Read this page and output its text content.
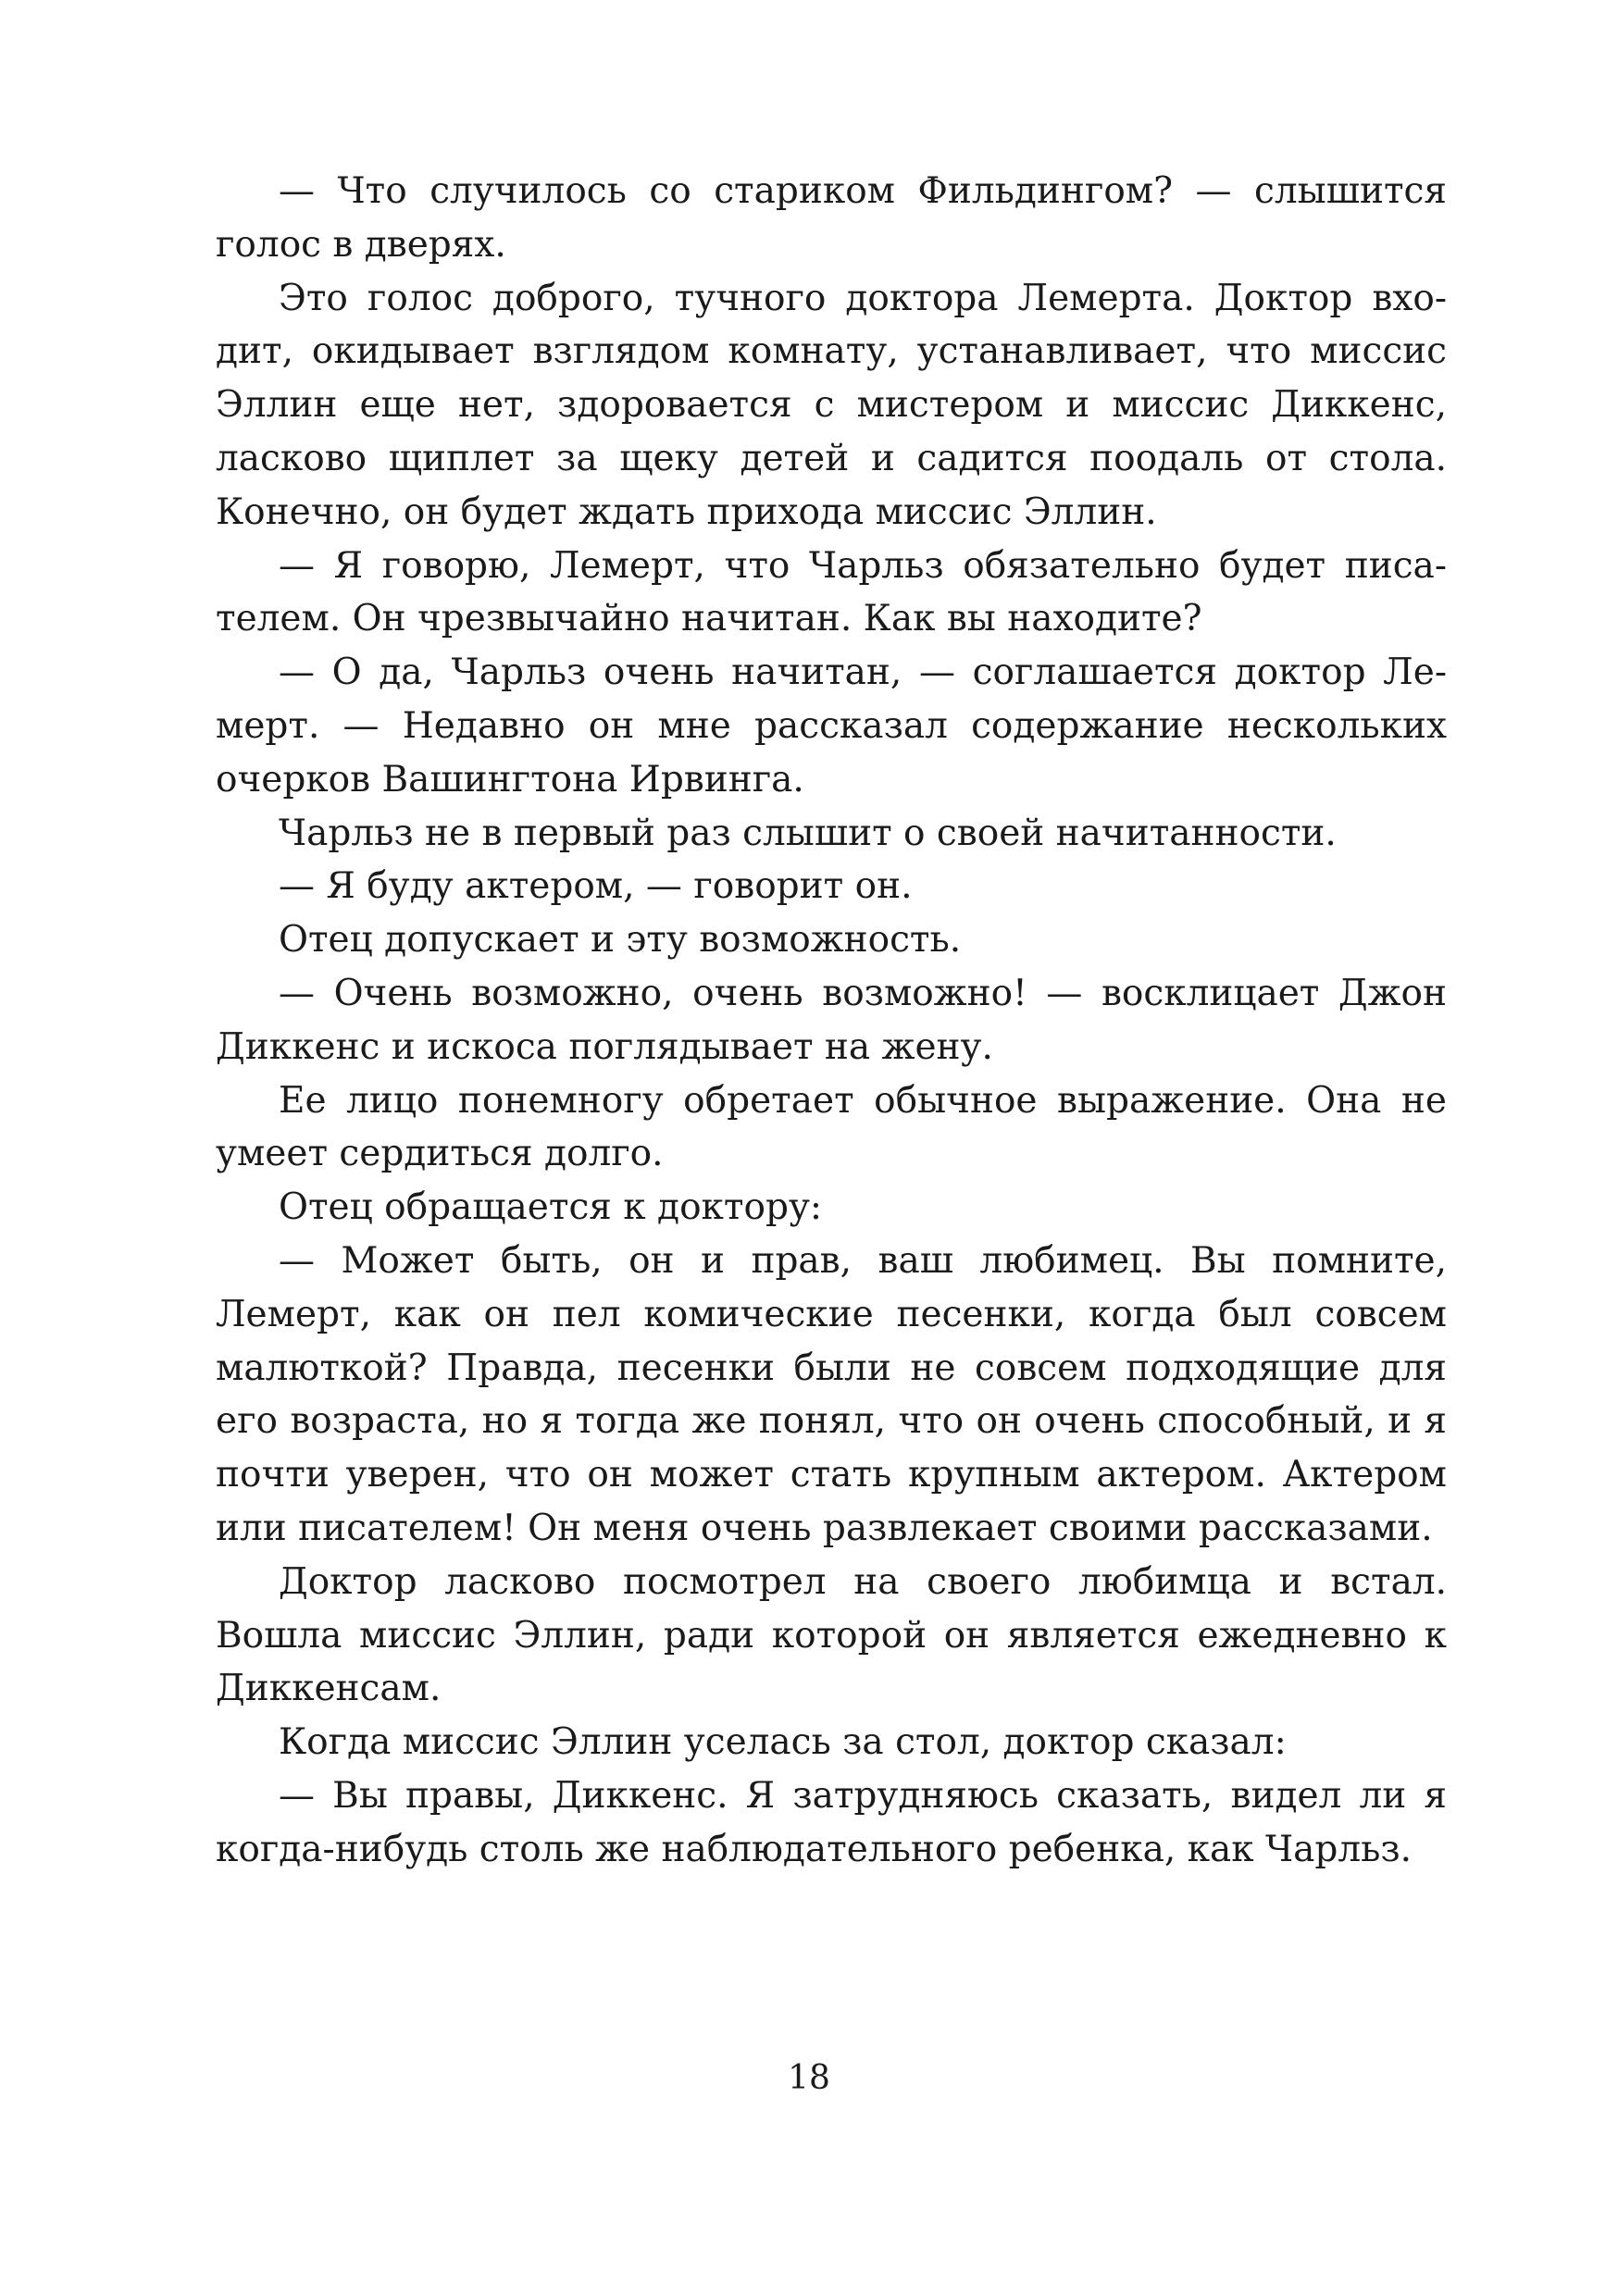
— Что случилось со стариком Фильдингом? — слышится голос в дверях.

Это голос доброго, тучного доктора Лемерта. Доктор входит, окидывает взглядом комнату, устанавливает, что миссис Эллин еще нет, здоровается с мистером и миссис Диккенс, ласково щиплет за щеку детей и садится поодаль от стола. Конечно, он будет ждать прихода миссис Эллин.

— Я говорю, Лемерт, что Чарльз обязательно будет писателем. Он чрезвычайно начитан. Как вы находите?

— О да, Чарльз очень начитан, — соглашается доктор Лемерт. — Недавно он мне рассказал содержание нескольких очерков Вашингтона Ирвинга.

Чарльз не в первый раз слышит о своей начитанности.

— Я буду актером, — говорит он.

Отец допускает и эту возможность.

— Очень возможно, очень возможно! — восклицает Джон Диккенс и искоса поглядывает на жену.

Ее лицо понемногу обретает обычное выражение. Она не умеет сердиться долго.

Отец обращается к доктору:

— Может быть, он и прав, ваш любимец. Вы помните, Лемерт, как он пел комические песенки, когда был совсем малюткой? Правда, песенки были не совсем подходящие для его возраста, но я тогда же понял, что он очень способный, и я почти уверен, что он может стать крупным актером. Актером или писателем! Он меня очень развлекает своими рассказами.

Доктор ласково посмотрел на своего любимца и встал. Вошла миссис Эллин, ради которой он является ежедневно к Диккенсам.

Когда миссис Эллин уселась за стол, доктор сказал:

— Вы правы, Диккенс. Я затрудняюсь сказать, видел ли я когда-нибудь столь же наблюдательного ребенка, как Чарльз.

18
